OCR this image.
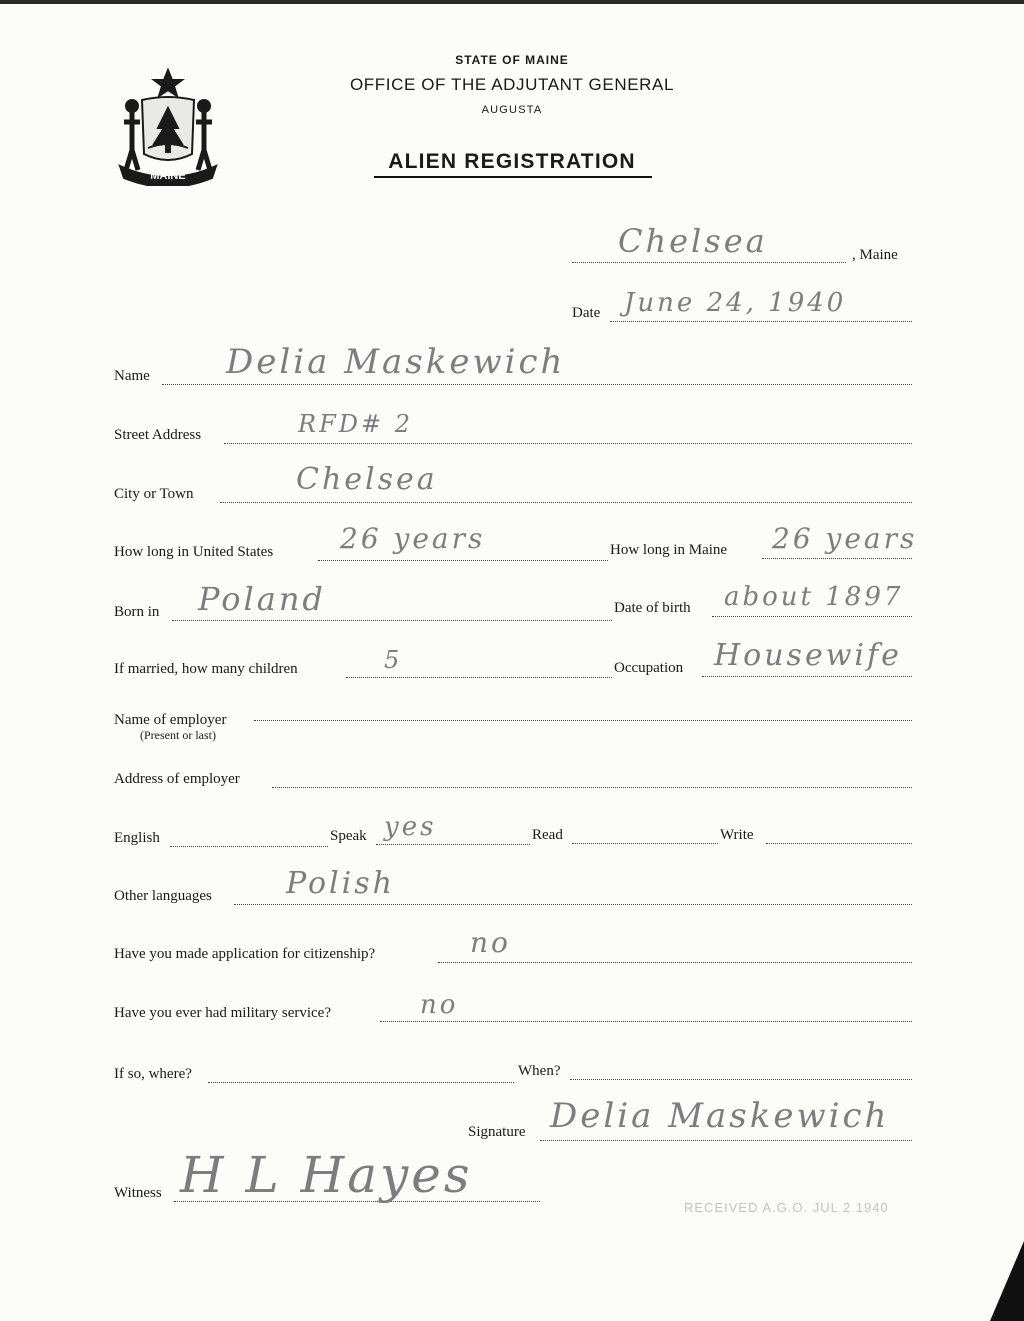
MAINE
STATE OF MAINE
OFFICE OF THE ADJUTANT GENERAL
AUGUSTA
ALIEN REGISTRATION
Chelsea	, Maine
Date June 24, 1940
Name Delia Maskewich
Street Address	RFD# 2
City or Town	Chelsea
How long in United States 26 years	How long in Maine 26 years
Born in Poland	Date of birth about 1897
If married, how many children	5	Occupation Housewife
Name of employer
(Present or last)
Address of employer
English	Speak yes	Read	Write
Other languages Polish
Have you made application for citizenship?	no
Have you ever had military service?	no
If so, where?	When?
Signature Delia Maskewich
Witness H L Hayes
RECEIVED A.G.O. JUL 2 1940
